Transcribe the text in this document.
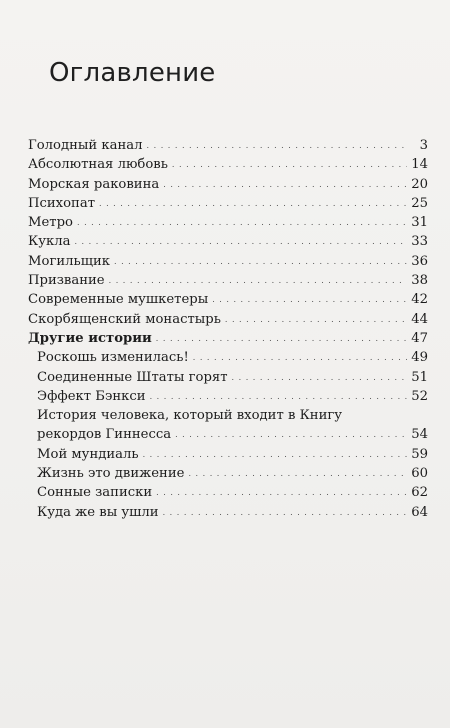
Оглавление
Голодный канал . . .	3
Абсолютная любовь . . .	14
Морская раковина . . .	20
Психопат . . .	25
Метро . . .	31
Кукла . . .	33
Могильщик . . .	36
Призвание . . .	38
Современные мушкетеры . . .	42
Скорбященский монастырь . . .	44
Другие истории . . .	47
Роскошь изменилась! . . .	49
Соединенные Штаты горят . . .	51
Эффект Бэнкси . . .	52
История человека, который входит в Книгу
рекордов Гиннесса . . .	54
Мой мундиаль . . .	59
Жизнь это движение . . .	60
Сонные записки . . .	62
Куда же вы ушли . . .	64
